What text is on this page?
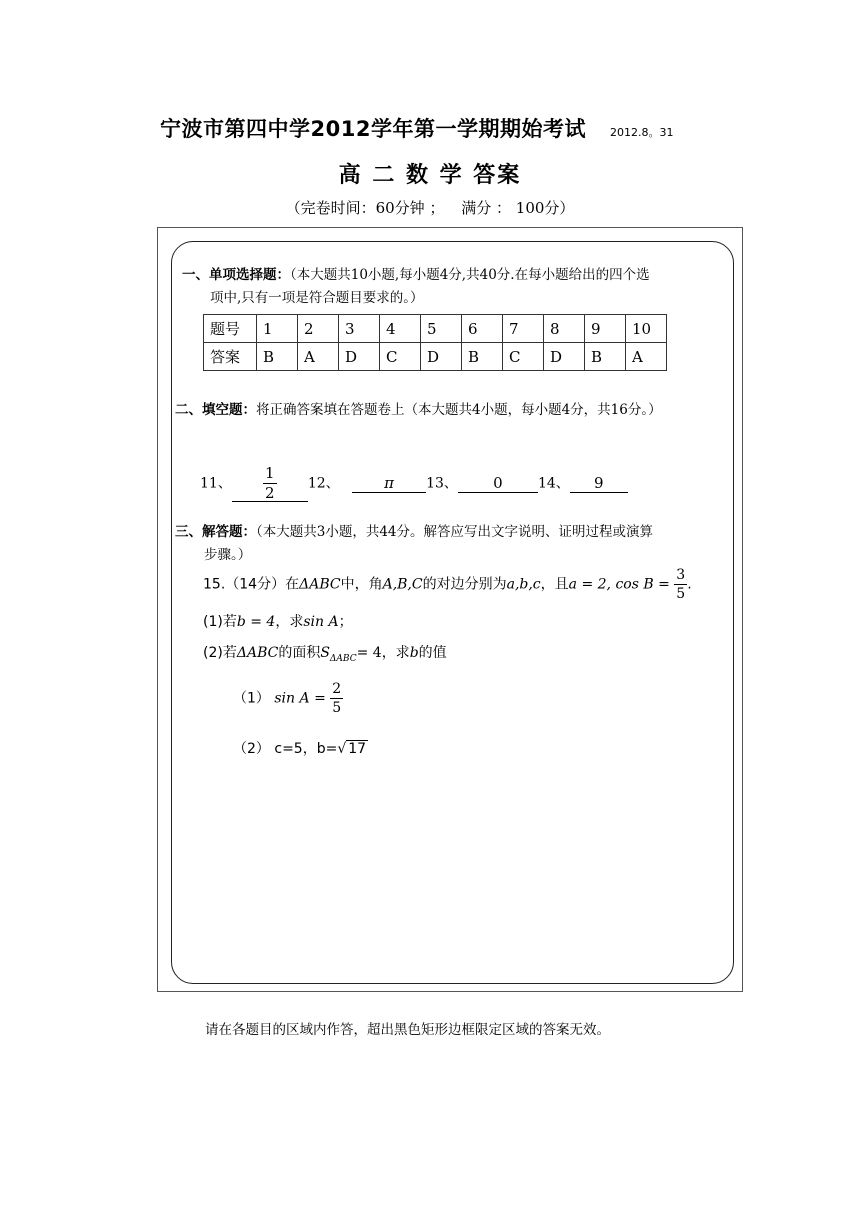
宁波市第四中学2012学年第一学期期始考试 2012.8。31
高 二 数 学 答案
（完卷时间：60分钟 ； 满分 ： 100分）
一、单项选择题：（本大题共10小题,每小题4分,共40分.在每小题给出的四个选
项中,只有一项是符合题目要求的。）
题号	1	2	3	4	5	6	7	8	9	10
答案	B	A	D	C	D	B	C	D	B	A
二、填空题：将正确答案填在答题卷上（本大题共4小题，每小题4分，共16分。）
11、 $\frac{1}{2} 12$、	π 13、 0	14、 9
三、解答题：（本大题共3小题，共44分。解答应写出文字说明、证明过程或演算
步骤。）
15.（14分）在ΔABC中，角A,B,C的对边分别为a,b,c，且a = 2, $\cos B = \frac{3}{5}$ .
(1)若b = 4，求sin A；
(2)若ΔABC的面积$S_{\Delta ABC}= 4$，求b的值
（1） $\sin A = \frac{2}{5}$
（2） c=5，b=√ 17
请在各题目的区域内作答，超出黑色矩形边框限定区域的答案无效。
